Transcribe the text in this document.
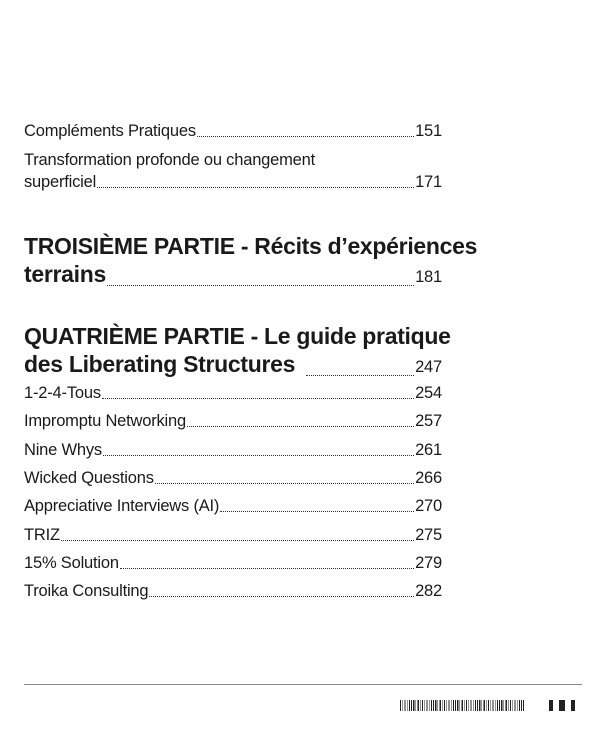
Compléments Pratiques	151
Transformation profonde ou changement
superficiel	171
TROISIÈME PARTIE - Récits d’expériences
terrains	181
QUATRIÈME PARTIE - Le guide pratique
des Liberating Structures	247
1-2-4-Tous	254
Impromptu Networking	257
Nine Whys	261
Wicked Questions	266
Appreciative Interviews (AI)	270
TRIZ	275
15% Solution	279
Troika Consulting	282
